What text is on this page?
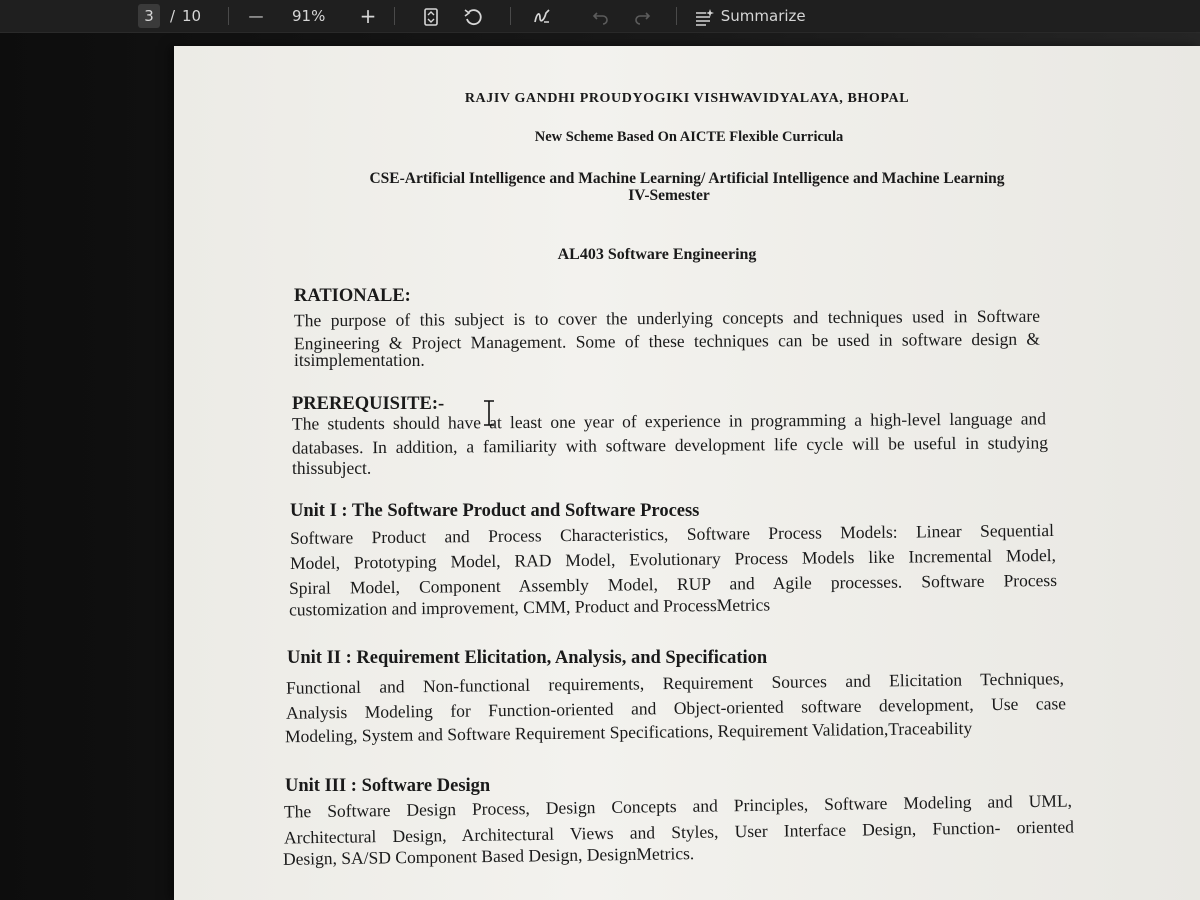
3	/ 10	— 91% +	Summarize

RAJIV GANDHI PROUDYOGIKI VISHWAVIDYALAYA, BHOPAL

New Scheme Based On AICTE Flexible Curricula

CSE-Artificial Intelligence and Machine Learning/ Artificial Intelligence and Machine Learning

IV-Semester

AL403 Software Engineering

RATIONALE:

The purpose of this subject is to cover the underlying concepts and techniques used in Software

Engineering & Project Management. Some of these techniques can be used in software design &

itsimplementation.

PREREQUISITE:-

The students should have at least one year of experience in programming a high-level language and

databases. In addition, a familiarity with software development life cycle will be useful in studying

thissubject.

Unit I : The Software Product and Software Process

Software Product and Process Characteristics, Software Process Models: Linear Sequential

Model, Prototyping Model, RAD Model, Evolutionary Process Models like Incremental Model,

Spiral Model, Component Assembly Model, RUP and Agile processes. Software Process

customization and improvement, CMM, Product and ProcessMetrics

Unit II : Requirement Elicitation, Analysis, and Specification

Functional and Non-functional requirements, Requirement Sources and Elicitation Techniques,

Analysis Modeling for Function-oriented and Object-oriented software development, Use case

Modeling, System and Software Requirement Specifications, Requirement Validation,Traceability

Unit III : Software Design

The Software Design Process, Design Concepts and Principles, Software Modeling and UML,

Architectural Design, Architectural Views and Styles, User Interface Design, Function- oriented

Design, SA/SD Component Based Design, DesignMetrics.
